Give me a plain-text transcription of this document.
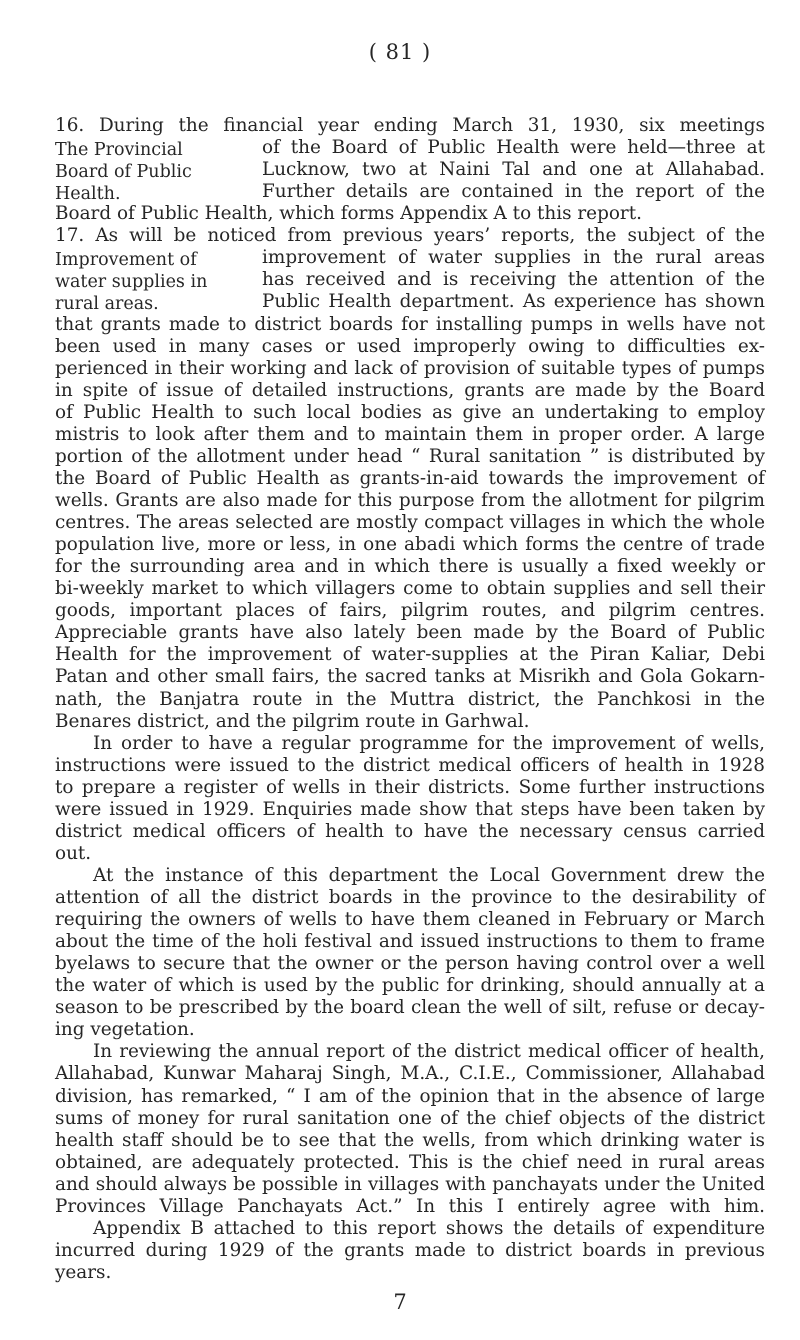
( 81 )
16. During the financial year ending March 31, 1930, six meetings
The Provincial
Board of Public
Health.
of the Board of Public Health were held—three at
Lucknow, two at Naini Tal and one at Allahabad.
Further details are contained in the report of the
Board of Public Health, which forms Appendix A to this report.
17. As will be noticed from previous years’ reports, the subject of the
Improvement of
water supplies in
rural areas.
improvement of water supplies in the rural areas
has received and is receiving the attention of the
Public Health department. As experience has shown
that grants made to district boards for installing pumps in wells have not
been used in many cases or used improperly owing to difficulties ex-
perienced in their working and lack of provision of suitable types of pumps
in spite of issue of detailed instructions, grants are made by the Board
of Public Health to such local bodies as give an undertaking to employ
mistris to look after them and to maintain them in proper order. A large
portion of the allotment under head “ Rural sanitation ” is distributed by
the Board of Public Health as grants-in-aid towards the improvement of
wells. Grants are also made for this purpose from the allotment for pilgrim
centres. The areas selected are mostly compact villages in which the whole
population live, more or less, in one abadi which forms the centre of trade
for the surrounding area and in which there is usually a fixed weekly or
bi-weekly market to which villagers come to obtain supplies and sell their
goods, important places of fairs, pilgrim routes, and pilgrim centres.
Appreciable grants have also lately been made by the Board of Public
Health for the improvement of water-supplies at the Piran Kaliar, Debi
Patan and other small fairs, the sacred tanks at Misrikh and Gola Gokarn-
nath, the Banjatra route in the Muttra district, the Panchkosi in the
Benares district, and the pilgrim route in Garhwal.
In order to have a regular programme for the improvement of wells,
instructions were issued to the district medical officers of health in 1928
to prepare a register of wells in their districts. Some further instructions
were issued in 1929. Enquiries made show that steps have been taken by
district medical officers of health to have the necessary census carried
out.
At the instance of this department the Local Government drew the
attention of all the district boards in the province to the desirability of
requiring the owners of wells to have them cleaned in February or March
about the time of the holi festival and issued instructions to them to frame
byelaws to secure that the owner or the person having control over a well
the water of which is used by the public for drinking, should annually at a
season to be prescribed by the board clean the well of silt, refuse or decay-
ing vegetation.
In reviewing the annual report of the district medical officer of health,
Allahabad, Kunwar Maharaj Singh, M.A., C.I.E., Commissioner, Allahabad
division, has remarked, “ I am of the opinion that in the absence of large
sums of money for rural sanitation one of the chief objects of the district
health staff should be to see that the wells, from which drinking water is
obtained, are adequately protected. This is the chief need in rural areas
and should always be possible in villages with panchayats under the United
Provinces Village Panchayats Act.” In this I entirely agree with him.
Appendix B attached to this report shows the details of expenditure
incurred during 1929 of the grants made to district boards in previous
years.
7
